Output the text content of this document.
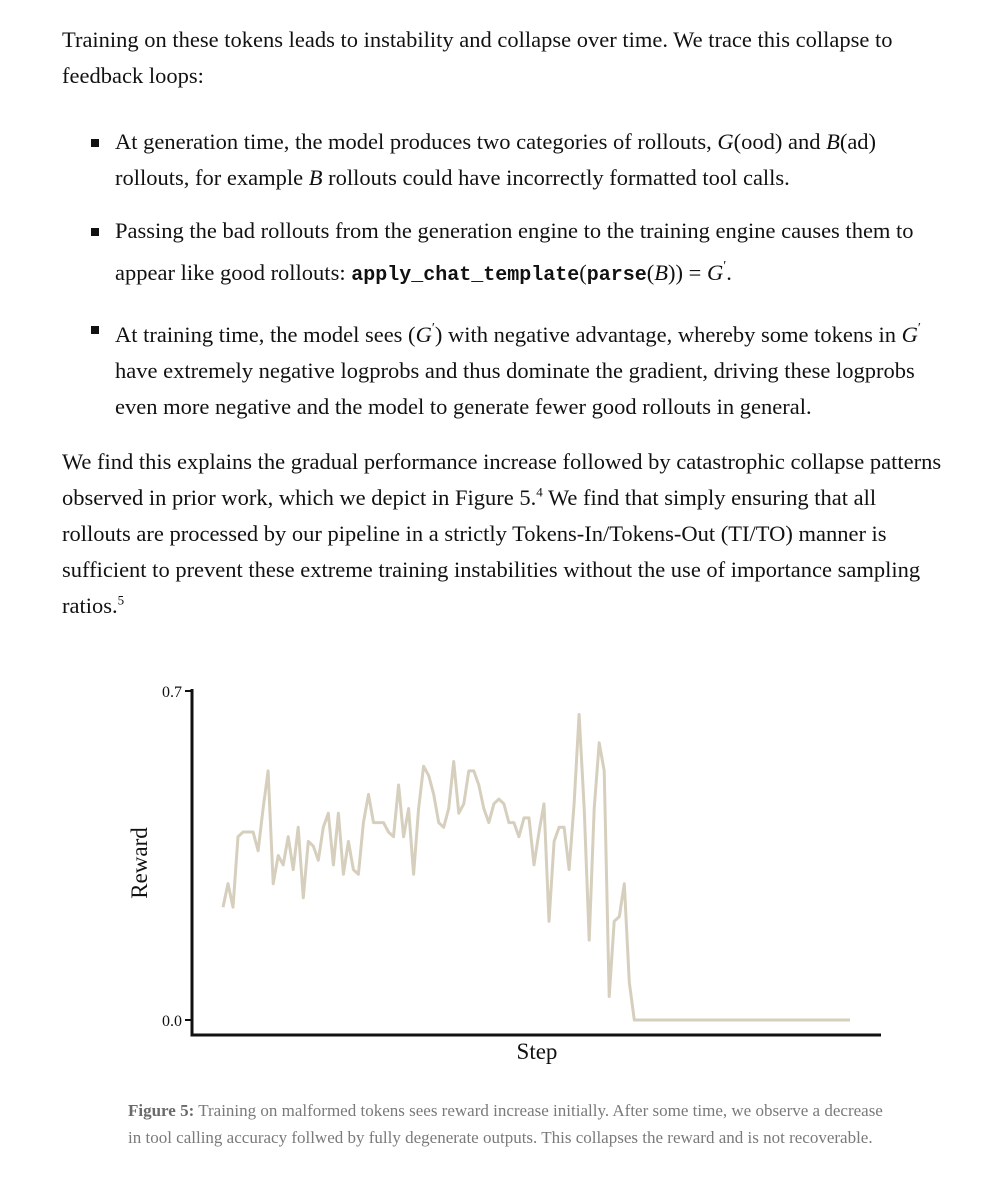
Training on these tokens leads to instability and collapse over time. We trace this collapse to feedback loops:

At generation time, the model produces two categories of rollouts, G(ood) and B(ad) rollouts, for example B rollouts could have incorrectly formatted tool calls.
Passing the bad rollouts from the generation engine to the training engine causes them to appear like good rollouts: apply_chat_template(parse(B)) = G′.
At training time, the model sees (G′) with negative advantage, whereby some tokens in G′ have extremely negative logprobs and thus dominate the gradient, driving these logprobs even more negative and the model to generate fewer good rollouts in general.

We find this explains the gradual performance increase followed by catastrophic collapse patterns observed in prior work, which we depict in Figure 5.$^4$ We find that simply ensuring that all rollouts are processed by our pipeline in a strictly Tokens-In/Tokens-Out (TI/TO) manner is sufficient to prevent these extreme training instabilities without the use of importance sampling ratios.$^5$

0.7
0.0
Step
Reward

Figure 5: Training on malformed tokens sees reward increase initially. After some time, we observe a decrease in tool calling accuracy follwed by fully degenerate outputs. This collapses the reward and is not recoverable.
